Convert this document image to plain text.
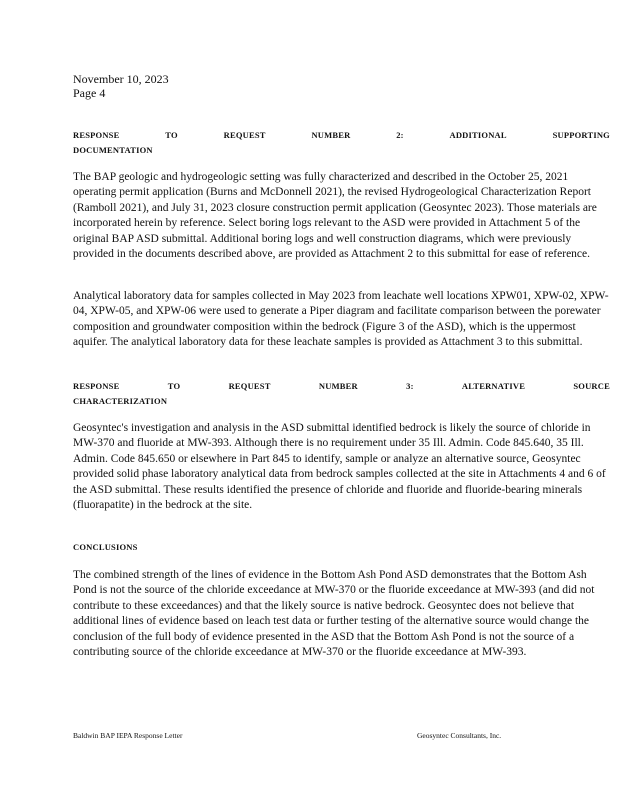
November 10, 2023
Page 4
RESPONSE	TO	REQUEST	NUMBER	2:	ADDITIONAL	SUPPORTING
DOCUMENTATION

The BAP geologic and hydrogeologic setting was fully characterized and described in the October 25, 2021 operating permit application (Burns and McDonnell 2021), the revised Hydrogeological Characterization Report (Ramboll 2021), and July 31, 2023 closure construction permit application (Geosyntec 2023). Those materials are incorporated herein by reference. Select boring logs relevant to the ASD were provided in Attachment 5 of the original BAP ASD submittal. Additional boring logs and well construction diagrams, which were previously provided in the documents described above, are provided as Attachment 2 to this submittal for ease of reference.

Analytical laboratory data for samples collected in May 2023 from leachate well locations XPW01, XPW-02, XPW-04, XPW-05, and XPW-06 were used to generate a Piper diagram and facilitate comparison between the porewater composition and groundwater composition within the bedrock (Figure 3 of the ASD), which is the uppermost aquifer. The analytical laboratory data for these leachate samples is provided as Attachment 3 to this submittal.

RESPONSE	TO	REQUEST	NUMBER	3:	ALTERNATIVE	SOURCE
CHARACTERIZATION

Geosyntec's investigation and analysis in the ASD submittal identified bedrock is likely the source of chloride in MW-370 and fluoride at MW-393. Although there is no requirement under 35 Ill. Admin. Code 845.640, 35 Ill. Admin. Code 845.650 or elsewhere in Part 845 to identify, sample or analyze an alternative source, Geosyntec provided solid phase laboratory analytical data from bedrock samples collected at the site in Attachments 4 and 6 of the ASD submittal. These results identified the presence of chloride and fluoride and fluoride-bearing minerals (fluorapatite) in the bedrock at the site.

CONCLUSIONS

The combined strength of the lines of evidence in the Bottom Ash Pond ASD demonstrates that the Bottom Ash Pond is not the source of the chloride exceedance at MW-370 or the fluoride exceedance at MW-393 (and did not contribute to these exceedances) and that the likely source is native bedrock. Geosyntec does not believe that additional lines of evidence based on leach test data or further testing of the alternative source would change the conclusion of the full body of evidence presented in the ASD that the Bottom Ash Pond is not the source of a contributing source of the chloride exceedance at MW-370 or the fluoride exceedance at MW-393.

Baldwin BAP IEPA Response Letter	Geosyntec Consultants, Inc.
